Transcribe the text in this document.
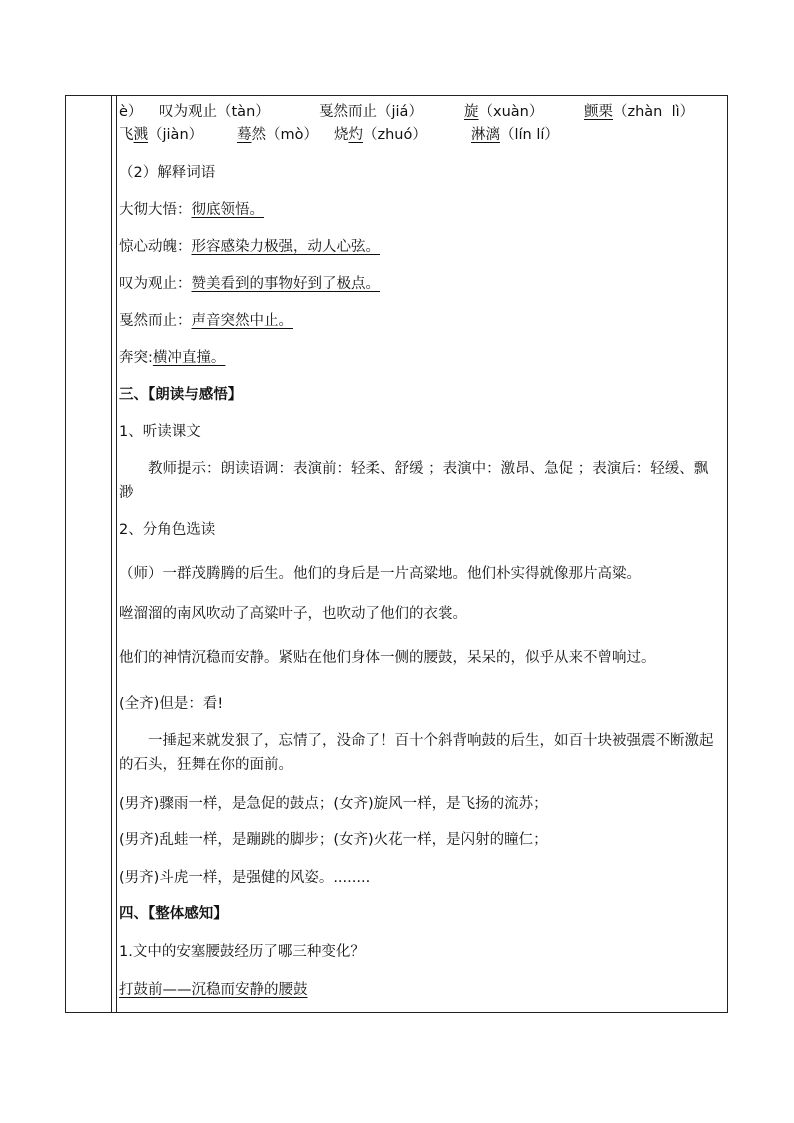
è） 叹为观止（tàn）	戛然而止（jiá）	旋（xuàn）	颤栗（zhàn  lì）
飞溅（jiàn） 蓦然（mò） 烧灼（zhuó）	淋漓（lín lí）
（2）解释词语
大彻大悟：彻底领悟。
惊心动魄：形容感染力极强，动人心弦。
叹为观止：赞美看到的事物好到了极点。
戛然而止：声音突然中止。
奔突:横冲直撞。
三、【朗读与感悟】
1、听读课文
教师提示：朗读语调：表演前：轻柔、舒缓 ；表演中：激昂、急促 ；表演后：轻缓、飘渺
2、分角色选读
（师）一群茂腾腾的后生。他们的身后是一片高粱地。他们朴实得就像那片高粱。
咝溜溜的南风吹动了高粱叶子，也吹动了他们的衣裳。
他们的神情沉稳而安静。紧贴在他们身体一侧的腰鼓，呆呆的，似乎从来不曾响过。
(全齐)但是：看!
一捶起来就发狠了，忘情了，没命了！百十个斜背响鼓的后生，如百十块被强震不断激起的石头，狂舞在你的面前。
(男齐)骤雨一样，是急促的鼓点；(女齐)旋风一样，是飞扬的流苏；
(男齐)乱蛙一样，是蹦跳的脚步；(女齐)火花一样，是闪射的瞳仁；
(男齐)斗虎一样，是强健的风姿。........
四、【整体感知】
1.文中的安塞腰鼓经历了哪三种变化？
打鼓前——沉稳而安静的腰鼓
